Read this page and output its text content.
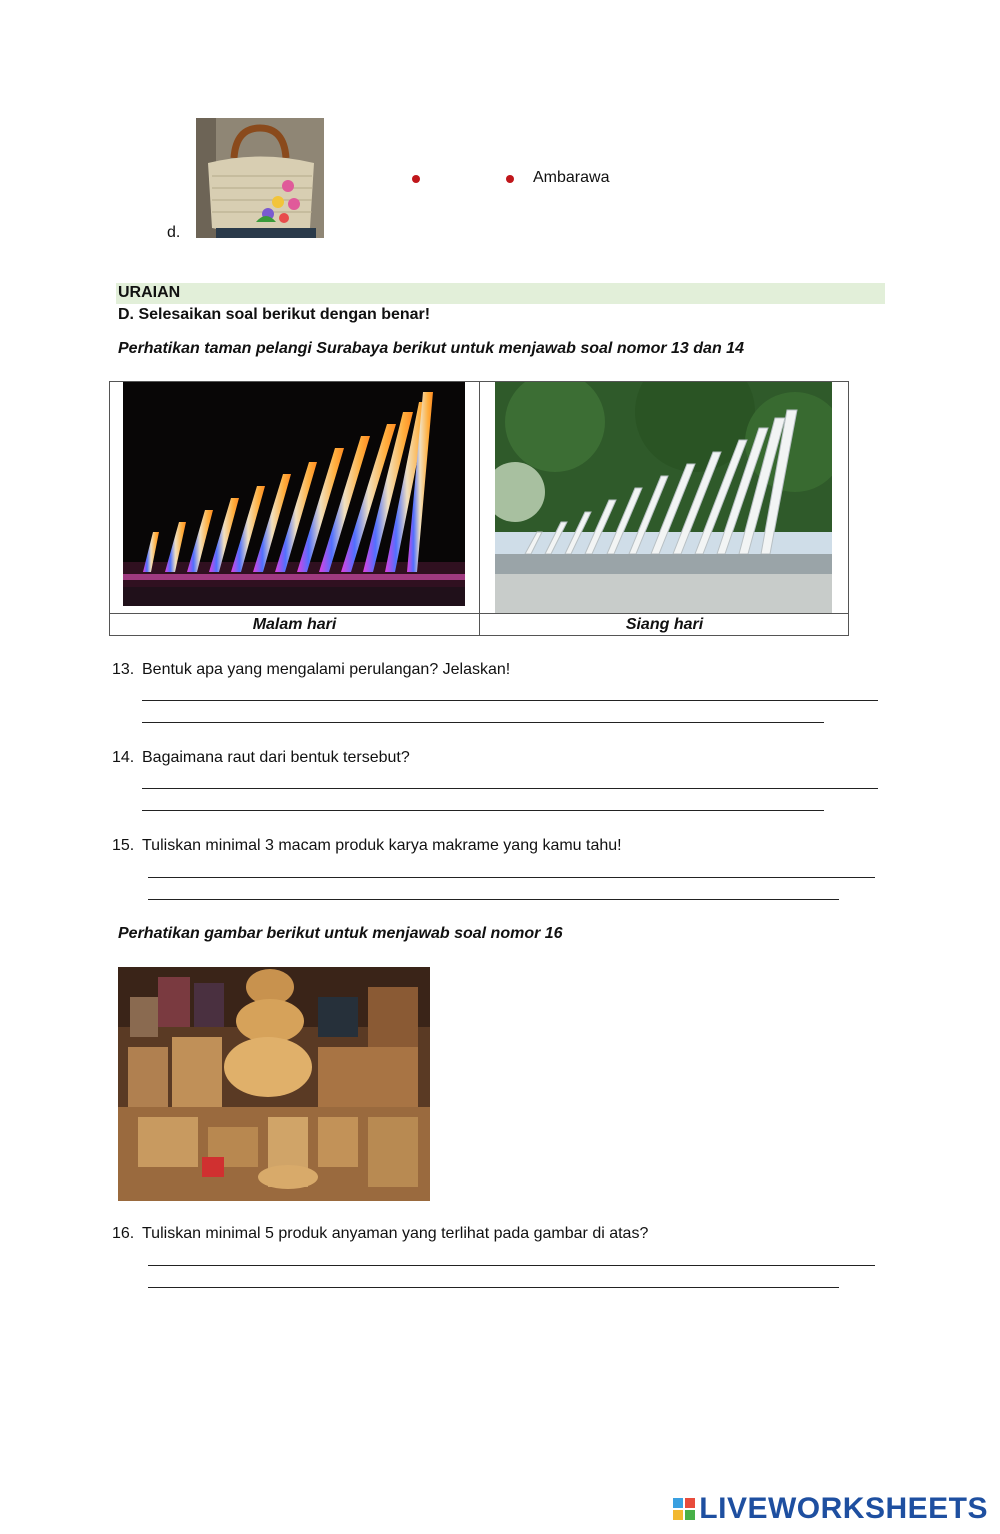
d.
Ambarawa
URAIAN
D. Selesaikan soal berikut dengan benar!
Perhatikan taman pelangi Surabaya berikut untuk menjawab soal nomor 13 dan 14
Malam hari	Siang hari
13. Bentuk apa yang mengalami perulangan? Jelaskan!
14. Bagaimana raut dari bentuk tersebut?
15. Tuliskan minimal 3 macam produk karya makrame yang kamu tahu!
Perhatikan gambar berikut untuk menjawab soal nomor 16
16. Tuliskan minimal 5 produk anyaman yang terlihat pada gambar di atas?
LIVEWORKSHEETS
